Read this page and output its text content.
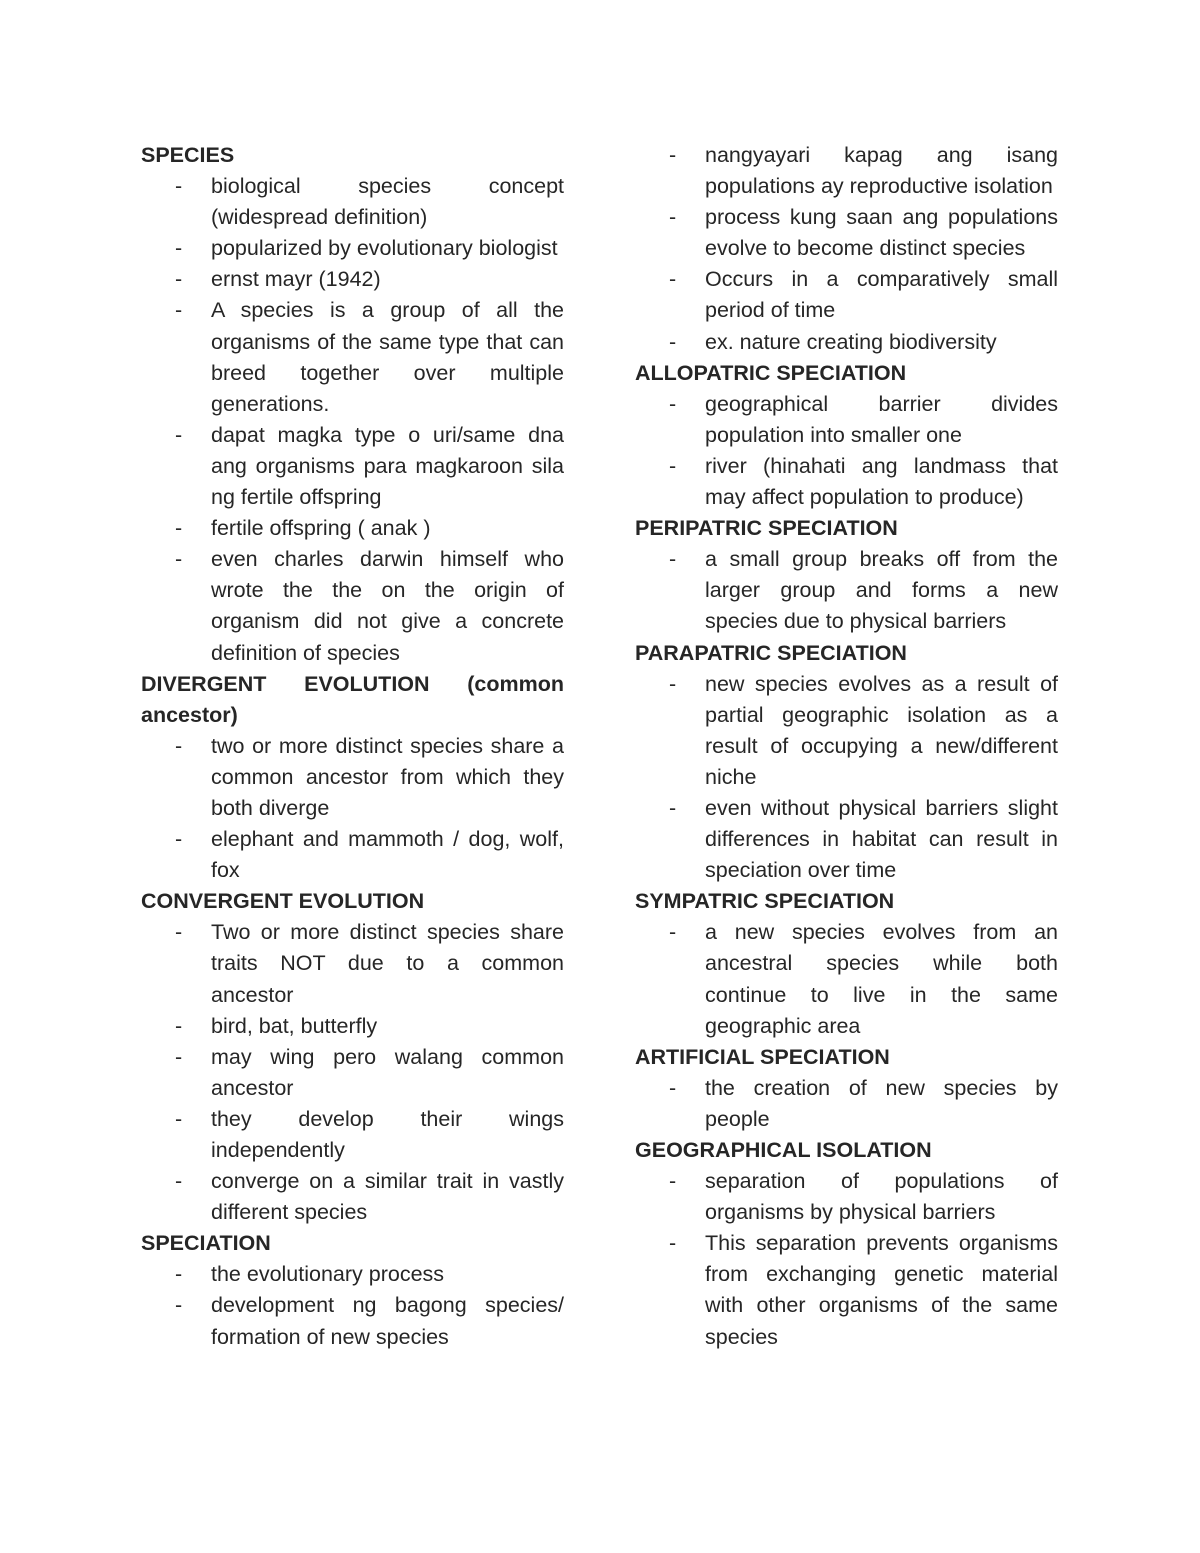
SPECIES
- biological species concept (widespread definition)
- popularized by evolutionary biologist
- ernst mayr (1942)
- A species is a group of all the organisms of the same type that can breed together over multiple generations.
- dapat magka type o uri/same dna ang organisms para magkaroon sila ng fertile offspring
- fertile offspring ( anak )
- even charles darwin himself who wrote the the on the origin of organism did not give a concrete definition of species
DIVERGENT EVOLUTION (common ancestor)
- two or more distinct species share a common ancestor from which they both diverge
- elephant and mammoth / dog, wolf, fox
CONVERGENT EVOLUTION
- Two or more distinct species share traits NOT due to a common ancestor
- bird, bat, butterfly
- may wing pero walang common ancestor
- they develop their wings independently
- converge on a similar trait in vastly different species
SPECIATION
- the evolutionary process
- development ng bagong species/ formation of new species
- nangyayari kapag ang isang populations ay reproductive isolation
- process kung saan ang populations evolve to become distinct species
- Occurs in a comparatively small period of time
- ex. nature creating biodiversity
ALLOPATRIC SPECIATION
- geographical barrier divides population into smaller one
- river (hinahati ang landmass that may affect population to produce)
PERIPATRIC SPECIATION
- a small group breaks off from the larger group and forms a new species due to physical barriers
PARAPATRIC SPECIATION
- new species evolves as a result of partial geographic isolation as a result of occupying a new/different niche
- even without physical barriers slight differences in habitat can result in speciation over time
SYMPATRIC SPECIATION
- a new species evolves from an ancestral species while both continue to live in the same geographic area
ARTIFICIAL SPECIATION
- the creation of new species by people
GEOGRAPHICAL ISOLATION
- separation of populations of organisms by physical barriers
- This separation prevents organisms from exchanging genetic material with other organisms of the same species
